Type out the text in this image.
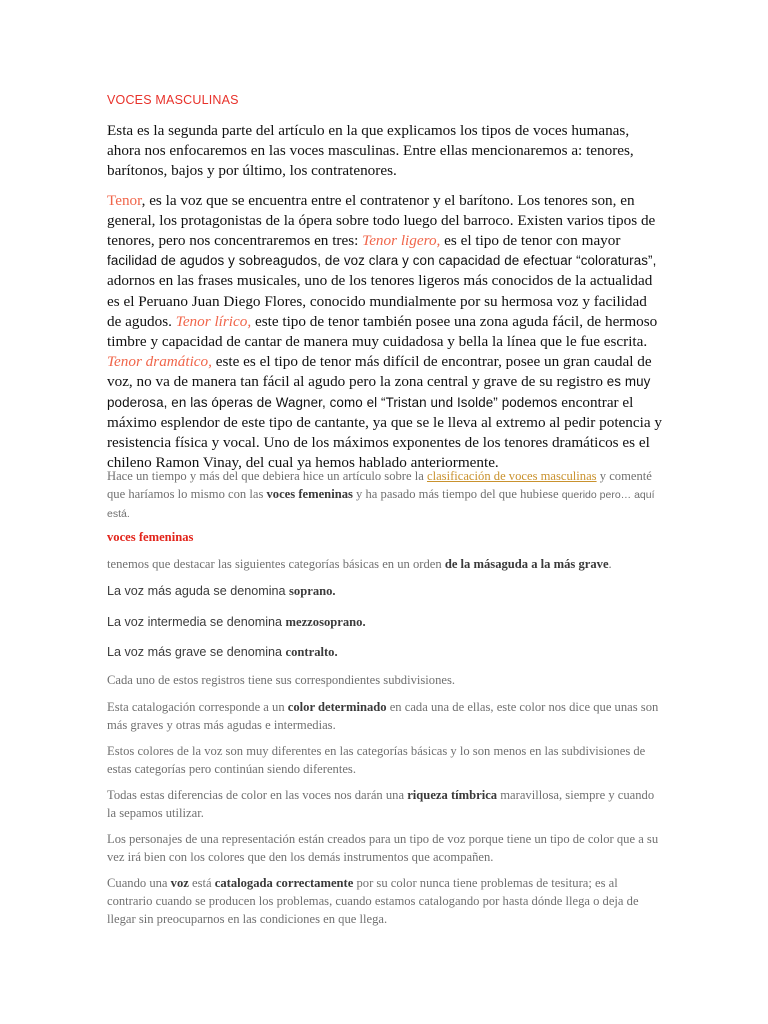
VOCES MASCULINAS

Esta es la segunda parte del artículo en la que explicamos los tipos de voces humanas, ahora nos enfocaremos en las voces masculinas. Entre ellas mencionaremos a: tenores, barítonos, bajos y por último, los contratenores.

Tenor, es la voz que se encuentra entre el contratenor y el barítono. Los tenores son, en general, los protagonistas de la ópera sobre todo luego del barroco. Existen varios tipos de tenores, pero nos concentraremos en tres: Tenor ligero, es el tipo de tenor con mayor facilidad de agudos y sobreagudos, de voz clara y con capacidad de efectuar “coloraturas”, adornos en las frases musicales, uno de los tenores ligeros más conocidos de la actualidad es el Peruano Juan Diego Flores, conocido mundialmente por su hermosa voz y facilidad de agudos. Tenor lírico, este tipo de tenor también posee una zona aguda fácil, de hermoso timbre y capacidad de cantar de manera muy cuidadosa y bella la línea que le fue escrita. Tenor dramático, este es el tipo de tenor más difícil de encontrar, posee un gran caudal de voz, no va de manera tan fácil al agudo pero la zona central y grave de su registro es muy poderosa, en las óperas de Wagner, como el “Tristan und Isolde” podemos encontrar el máximo esplendor de este tipo de cantante, ya que se le lleva al extremo al pedir potencia y resistencia física y vocal. Uno de los máximos exponentes de los tenores dramáticos es el chileno Ramon Vinay, del cual ya hemos hablado anteriormente.

Hace un tiempo y más del que debiera hice un artículo sobre la clasificación de voces masculinas y comenté que haríamos lo mismo con las voces femeninas y ha pasado más tiempo del que hubiese querido pero… aquí está.
voces femeninas
tenemos que destacar las siguientes categorías básicas en un orden de la másaguda a la más grave.
La voz más aguda se denomina soprano.
La voz intermedia se denomina mezzosoprano.
La voz más grave se denomina contralto.
Cada uno de estos registros tiene sus correspondientes subdivisiones.
Esta catalogación corresponde a un color determinado en cada una de ellas, este color nos dice que unas son más graves y otras más agudas e intermedias.
Estos colores de la voz son muy diferentes en las categorías básicas y lo son menos en las subdivisiones de estas categorías pero continúan siendo diferentes.
Todas estas diferencias de color en las voces nos darán una riqueza tímbrica maravillosa, siempre y cuando la sepamos utilizar.
Los personajes de una representación están creados para un tipo de voz porque tiene un tipo de color que a su vez irá bien con los colores que den los demás instrumentos que acompañen.
Cuando una voz está catalogada correctamente por su color nunca tiene problemas de tesitura; es al contrario cuando se producen los problemas, cuando estamos catalogando por hasta dónde llega o deja de llegar sin preocuparnos en las condiciones en que llega.
